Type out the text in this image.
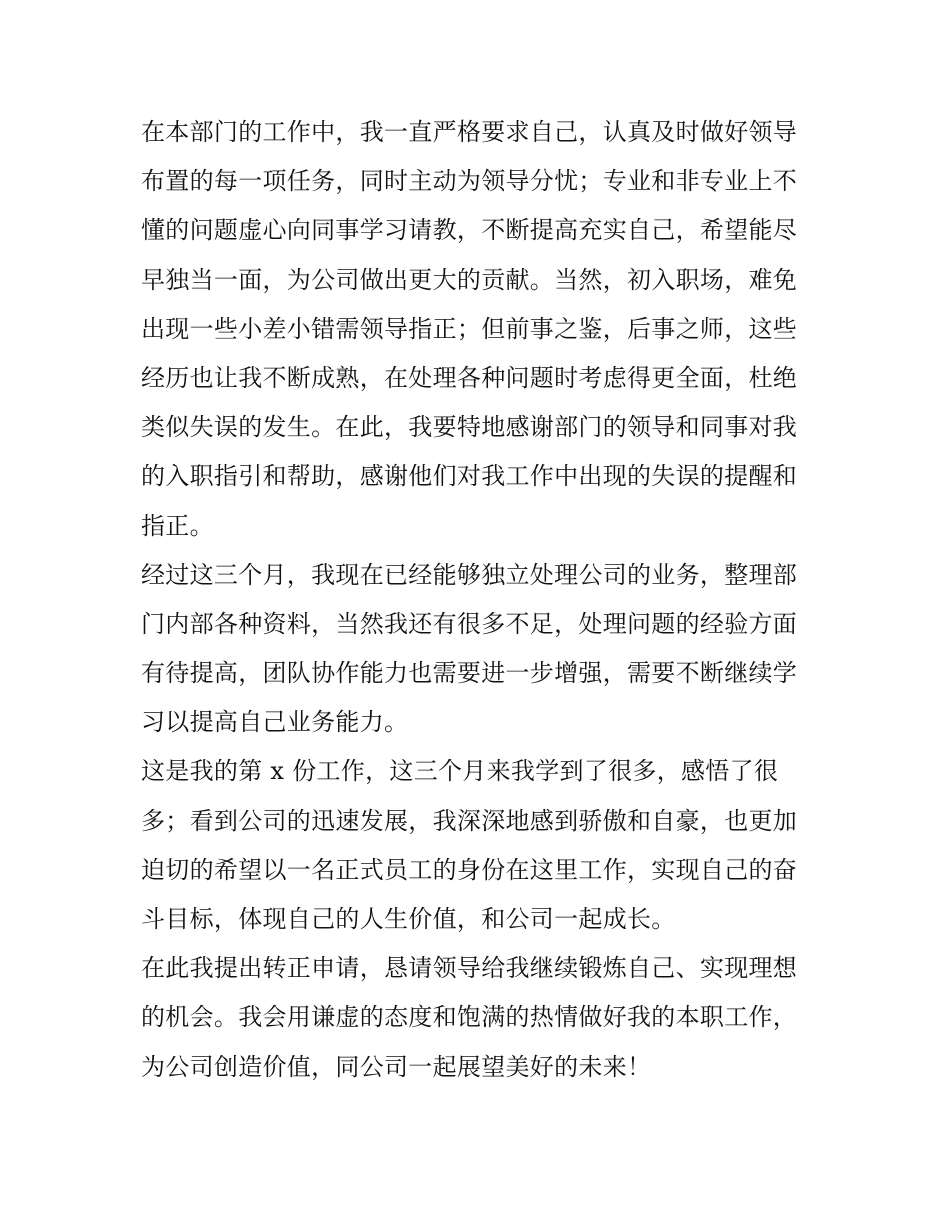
在本部门的工作中，我一直严格要求自己，认真及时做好领导
布置的每一项任务，同时主动为领导分忧；专业和非专业上不
懂的问题虚心向同事学习请教，不断提高充实自己，希望能尽
早独当一面，为公司做出更大的贡献。当然，初入职场，难免
出现一些小差小错需领导指正；但前事之鉴，后事之师，这些
经历也让我不断成熟，在处理各种问题时考虑得更全面，杜绝
类似失误的发生。在此，我要特地感谢部门的领导和同事对我
的入职指引和帮助，感谢他们对我工作中出现的失误的提醒和
指正。
经过这三个月，我现在已经能够独立处理公司的业务，整理部
门内部各种资料，当然我还有很多不足，处理问题的经验方面
有待提高，团队协作能力也需要进一步增强，需要不断继续学
习以提高自己业务能力。
这是我的第 x 份工作，这三个月来我学到了很多，感悟了很
多；看到公司的迅速发展，我深深地感到骄傲和自豪，也更加
迫切的希望以一名正式员工的身份在这里工作，实现自己的奋
斗目标，体现自己的人生价值，和公司一起成长。
在此我提出转正申请，恳请领导给我继续锻炼自己、实现理想
的机会。我会用谦虚的态度和饱满的热情做好我的本职工作，
为公司创造价值，同公司一起展望美好的未来！
